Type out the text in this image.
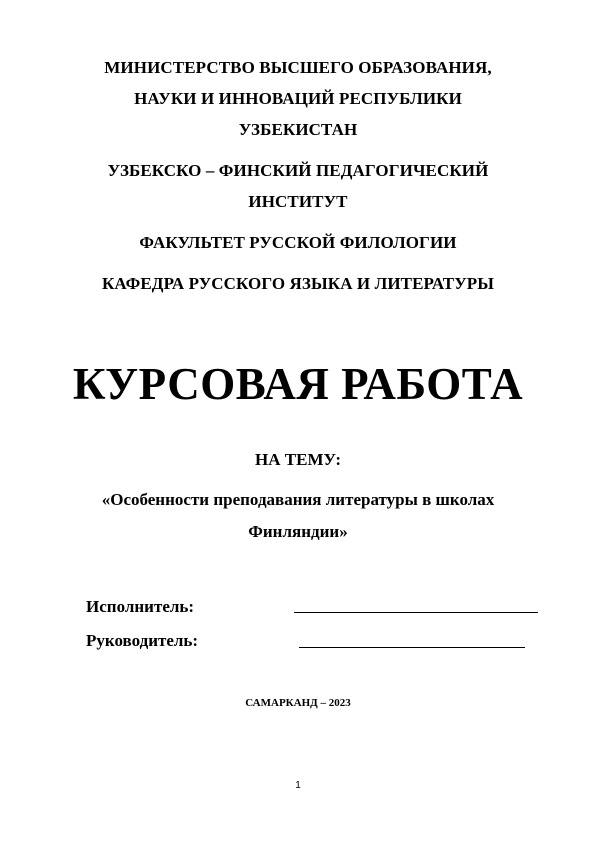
МИНИСТЕРСТВО ВЫСШЕГО ОБРАЗОВАНИЯ,
НАУКИ И ИННОВАЦИЙ РЕСПУБЛИКИ
УЗБЕКИСТАН
УЗБЕКСКО – ФИНСКИЙ ПЕДАГОГИЧЕСКИЙ
ИНСТИТУТ
ФАКУЛЬТЕТ РУССКОЙ ФИЛОЛОГИИ
КАФЕДРА РУССКОГО ЯЗЫКА И ЛИТЕРАТУРЫ
КУРСОВАЯ РАБОТА
НА ТЕМУ:
«Особенности преподавания литературы в школах
Финляндии»
Исполнитель:
Руководитель:
САМАРКАНД – 2023
1
